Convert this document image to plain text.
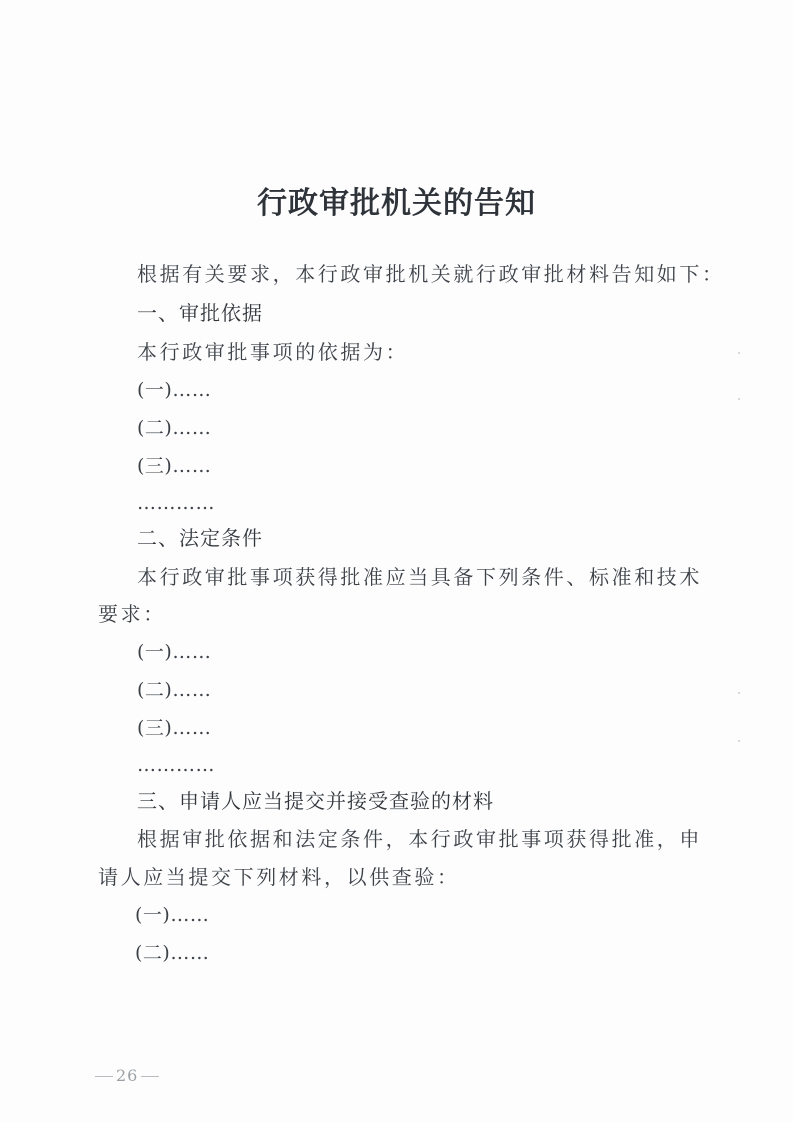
行政审批机关的告知
根据有关要求，本行政审批机关就行政审批材料告知如下：
一、审批依据
本行政审批事项的依据为：
(一)……
(二)……
(三)……
…………
二、法定条件
本行政审批事项获得批准应当具备下列条件、标准和技术
要求：
(一)……
(二)……
(三)……
…………
三、申请人应当提交并接受查验的材料
根据审批依据和法定条件，本行政审批事项获得批准，申
请人应当提交下列材料，以供查验：
(一)……
(二)……
26
